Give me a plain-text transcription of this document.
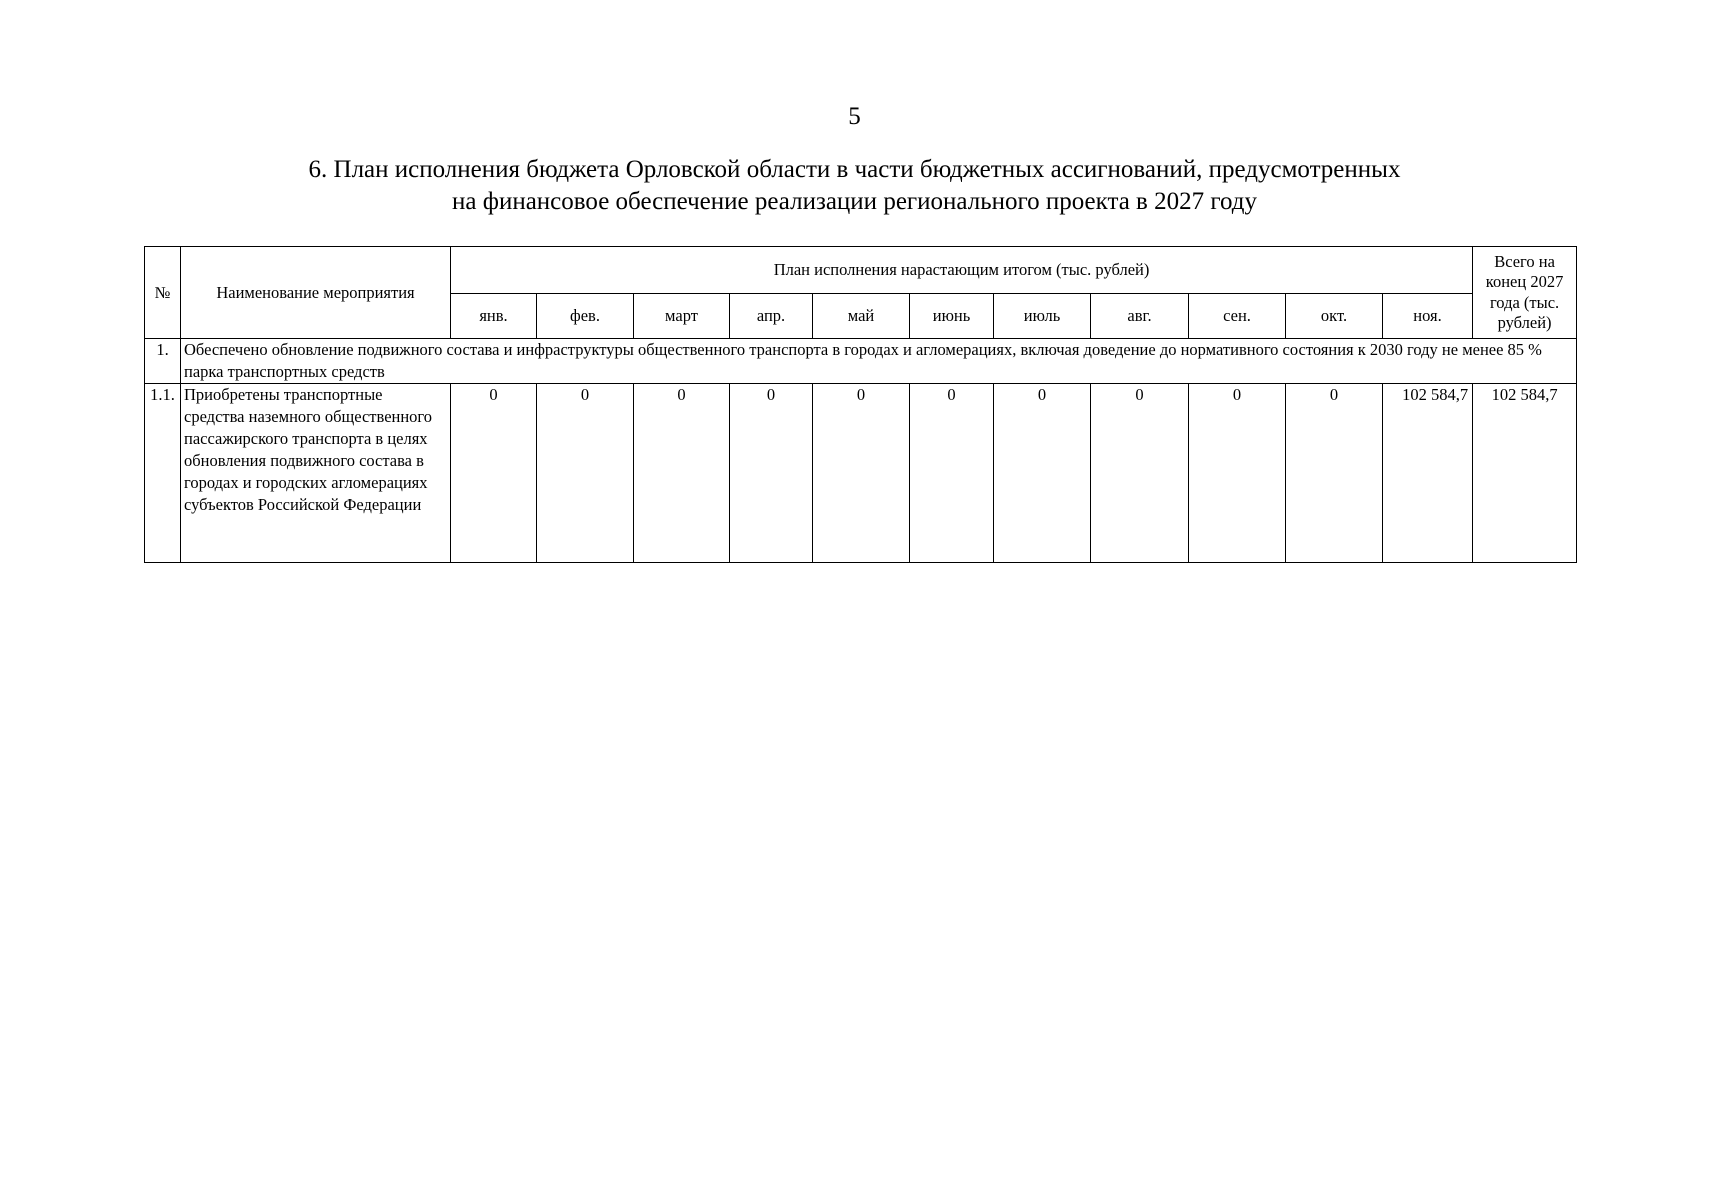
5
6. План исполнения бюджета Орловской области в части бюджетных ассигнований, предусмотренных
на финансовое обеспечение реализации регионального проекта в 2027 году
№	Наименование мероприятия	План исполнения нарастающим итогом (тыс. рублей)											Всего на конец 2027 года (тыс. рублей)
		янв.	фев.	март	апр.	май	июнь	июль	авг.	сен.	окт.	ноя.	
1.	Обеспечено обновление подвижного состава и инфраструктуры общественного транспорта в городах и агломерациях, включая доведение до нормативного состояния к 2030 году не менее 85 % парка транспортных средств												
1.1.	Приобретены транспортные средства наземного общественного пассажирского транспорта в целях обновления подвижного состава в городах и городских агломерациях субъектов Российской Федерации	0	0	0	0	0	0	0	0	0	0	102 584,7	102 584,7
